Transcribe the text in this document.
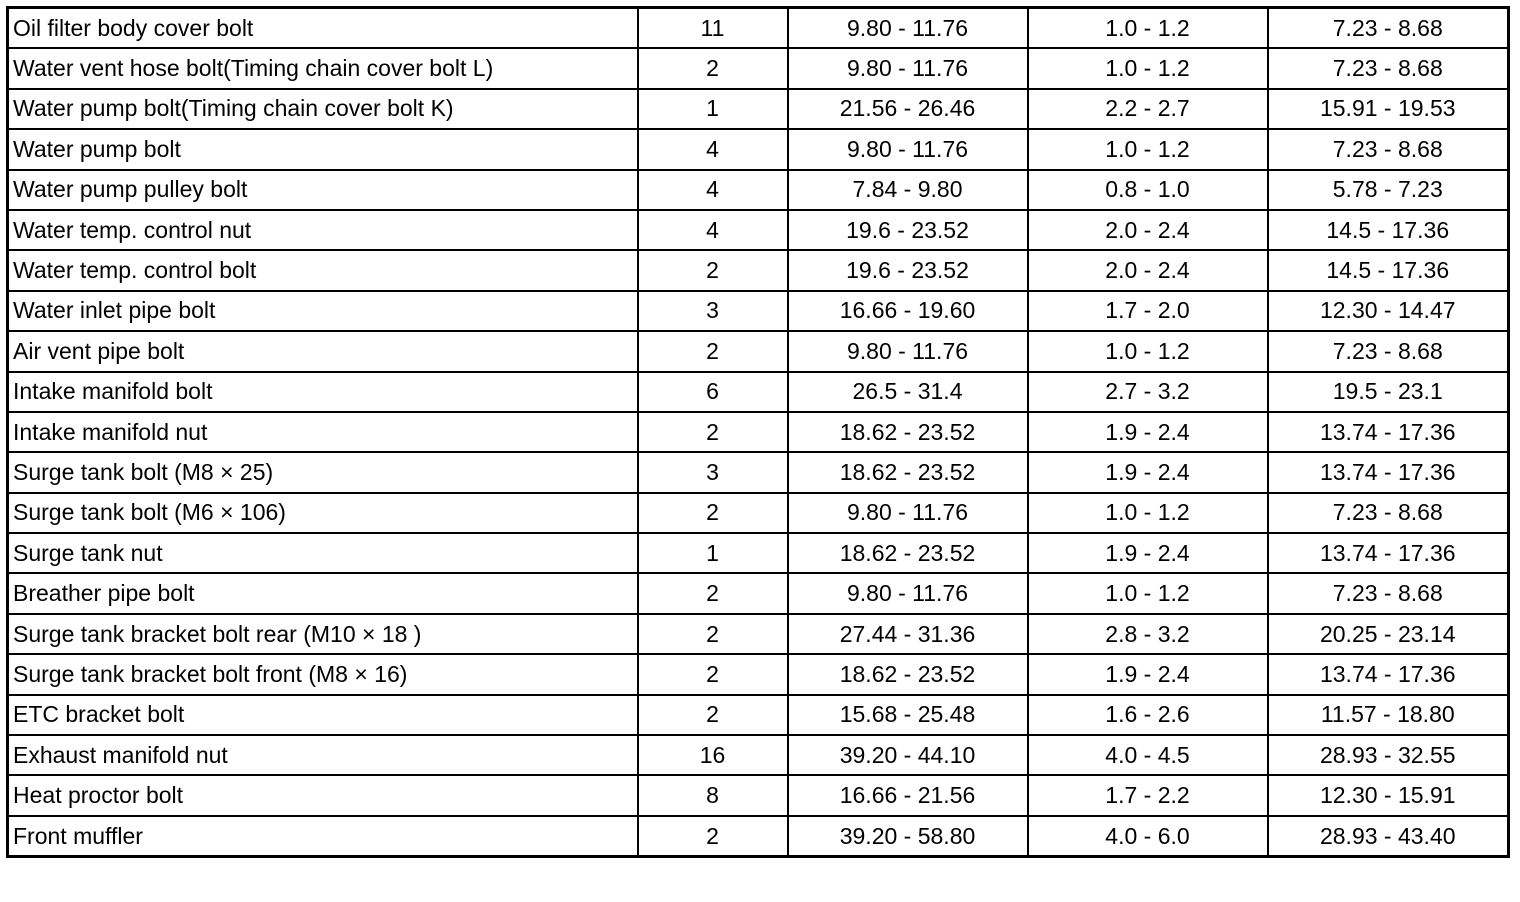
Oil filter body cover bolt	11	9.80 - 11.76	1.0 - 1.2	7.23 - 8.68
Water vent hose bolt(Timing chain cover bolt L)	2	9.80 - 11.76	1.0 - 1.2	7.23 - 8.68
Water pump bolt(Timing chain cover bolt K)	1	21.56 - 26.46	2.2 - 2.7	15.91 - 19.53
Water pump bolt	4	9.80 - 11.76	1.0 - 1.2	7.23 - 8.68
Water pump pulley bolt	4	7.84 - 9.80	0.8 - 1.0	5.78 - 7.23
Water temp. control nut	4	19.6 - 23.52	2.0 - 2.4	14.5 - 17.36
Water temp. control bolt	2	19.6 - 23.52	2.0 - 2.4	14.5 - 17.36
Water inlet pipe bolt	3	16.66 - 19.60	1.7 - 2.0	12.30 - 14.47
Air vent pipe bolt	2	9.80 - 11.76	1.0 - 1.2	7.23 - 8.68
Intake manifold bolt	6	26.5 - 31.4	2.7 - 3.2	19.5 - 23.1
Intake manifold nut	2	18.62 - 23.52	1.9 - 2.4	13.74 - 17.36
Surge tank bolt (M8 × 25)	3	18.62 - 23.52	1.9 - 2.4	13.74 - 17.36
Surge tank bolt (M6 × 106)	2	9.80 - 11.76	1.0 - 1.2	7.23 - 8.68
Surge tank nut	1	18.62 - 23.52	1.9 - 2.4	13.74 - 17.36
Breather pipe bolt	2	9.80 - 11.76	1.0 - 1.2	7.23 - 8.68
Surge tank bracket bolt rear (M10 × 18 )	2	27.44 - 31.36	2.8 - 3.2	20.25 - 23.14
Surge tank bracket bolt front (M8 × 16)	2	18.62 - 23.52	1.9 - 2.4	13.74 - 17.36
ETC bracket bolt	2	15.68 - 25.48	1.6 - 2.6	11.57 - 18.80
Exhaust manifold nut	16	39.20 - 44.10	4.0 - 4.5	28.93 - 32.55
Heat proctor bolt	8	16.66 - 21.56	1.7 - 2.2	12.30 - 15.91
Front muffler	2	39.20 - 58.80	4.0 - 6.0	28.93 - 43.40
